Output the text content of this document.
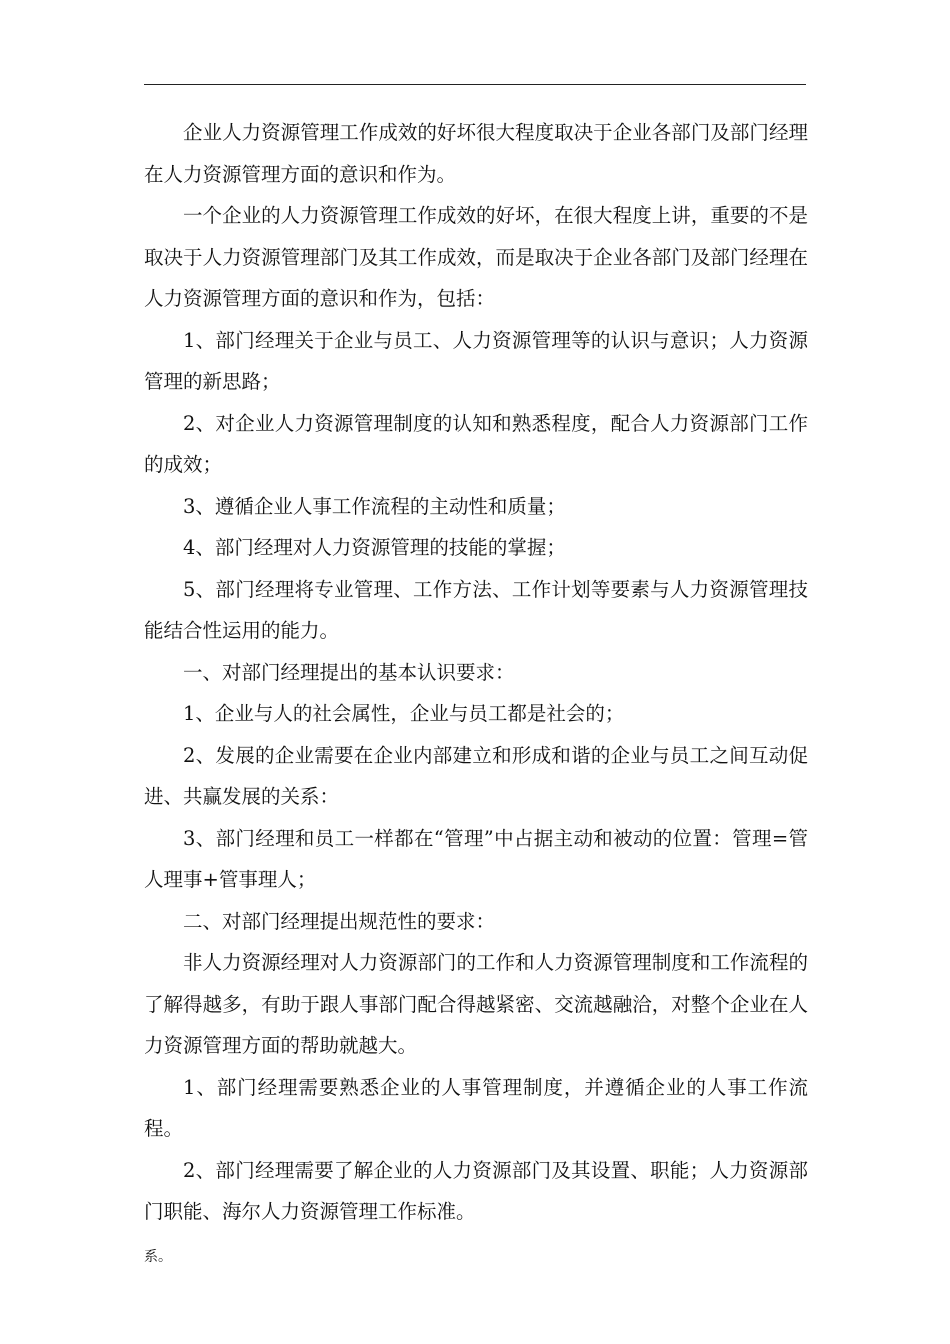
企业人力资源管理工作成效的好坏很大程度取决于企业各部门及部门经理在人力资源管理方面的意识和作为。

一个企业的人力资源管理工作成效的好坏，在很大程度上讲，重要的不是取决于人力资源管理部门及其工作成效，而是取决于企业各部门及部门经理在人力资源管理方面的意识和作为，包括：

1、部门经理关于企业与员工、人力资源管理等的认识与意识；人力资源管理的新思路；

2、对企业人力资源管理制度的认知和熟悉程度，配合人力资源部门工作的成效；

3、遵循企业人事工作流程的主动性和质量；

4、部门经理对人力资源管理的技能的掌握；

5、部门经理将专业管理、工作方法、工作计划等要素与人力资源管理技能结合性运用的能力。

一、对部门经理提出的基本认识要求：

1、企业与人的社会属性，企业与员工都是社会的；

2、发展的企业需要在企业内部建立和形成和谐的企业与员工之间互动促进、共赢发展的关系：

3、部门经理和员工一样都在“管理”中占据主动和被动的位置：管理=管人理事+管事理人；

二、对部门经理提出规范性的要求：

非人力资源经理对人力资源部门的工作和人力资源管理制度和工作流程的了解得越多，有助于跟人事部门配合得越紧密、交流越融洽，对整个企业在人力资源管理方面的帮助就越大。

1、部门经理需要熟悉企业的人事管理制度，并遵循企业的人事工作流程。

2、部门经理需要了解企业的人力资源部门及其设置、职能；人力资源部门职能、海尔人力资源管理工作标准。

系。
